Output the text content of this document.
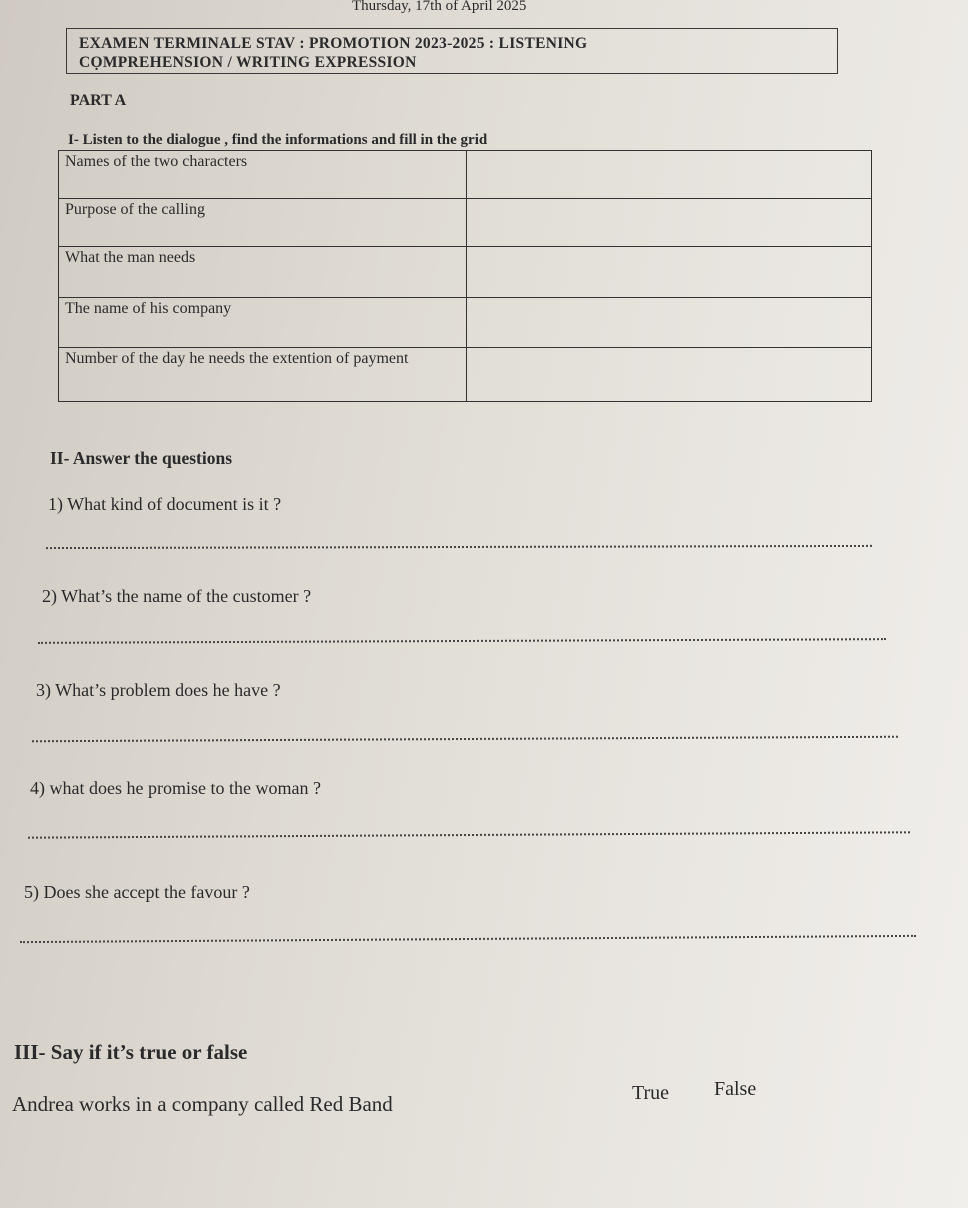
Thursday, 17th of April 2025
EXAMEN TERMINALE STAV : PROMOTION 2023-2025 : LISTENING
CỌMPREHENSION / WRITING EXPRESSION
PART A
I- Listen to the dialogue , find the informations and fill in the grid
Names of the two characters	
Purpose of the calling	
What the man needs	
The name of his company	
Number of the day he needs the extention of payment	
II- Answer the questions
1) What kind of document is it ?
2) What’s the name of the customer ?
3) What’s problem does he have ?
4) what does he promise to the woman ?
5) Does she accept the favour ?
III- Say if it’s true or false
Andrea works in a company called Red Band	True False
